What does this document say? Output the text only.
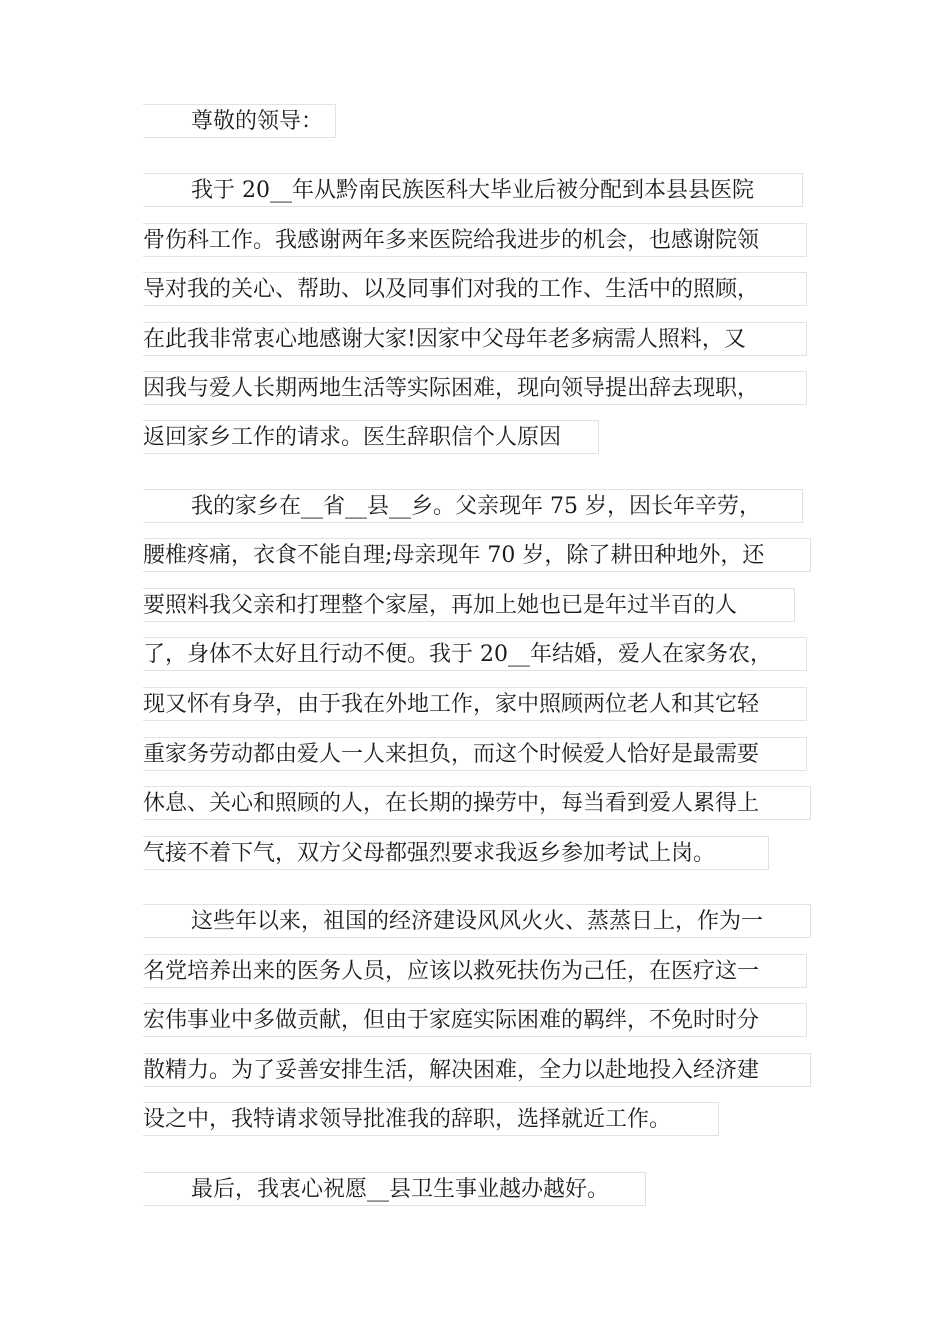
尊敬的领导：
我于 20__年从黔南民族医科大毕业后被分配到本县县医院
骨伤科工作。我感谢两年多来医院给我进步的机会，也感谢院领
导对我的关心、帮助、以及同事们对我的工作、生活中的照顾，
在此我非常衷心地感谢大家!因家中父母年老多病需人照料，又
因我与爱人长期两地生活等实际困难，现向领导提出辞去现职，
返回家乡工作的请求。医生辞职信个人原因
我的家乡在__省__县__乡。父亲现年 75 岁，因长年辛劳，
腰椎疼痛，衣食不能自理;母亲现年 70 岁，除了耕田种地外，还
要照料我父亲和打理整个家屋，再加上她也已是年过半百的人
了，身体不太好且行动不便。我于 20__年结婚，爱人在家务农，
现又怀有身孕，由于我在外地工作，家中照顾两位老人和其它轻
重家务劳动都由爱人一人来担负，而这个时候爱人恰好是最需要
休息、关心和照顾的人，在长期的操劳中，每当看到爱人累得上
气接不着下气，双方父母都强烈要求我返乡参加考试上岗。
这些年以来，祖国的经济建设风风火火、蒸蒸日上，作为一
名党培养出来的医务人员，应该以救死扶伤为己任，在医疗这一
宏伟事业中多做贡献，但由于家庭实际困难的羁绊，不免时时分
散精力。为了妥善安排生活，解决困难，全力以赴地投入经济建
设之中，我特请求领导批准我的辞职，选择就近工作。
最后，我衷心祝愿__县卫生事业越办越好。
